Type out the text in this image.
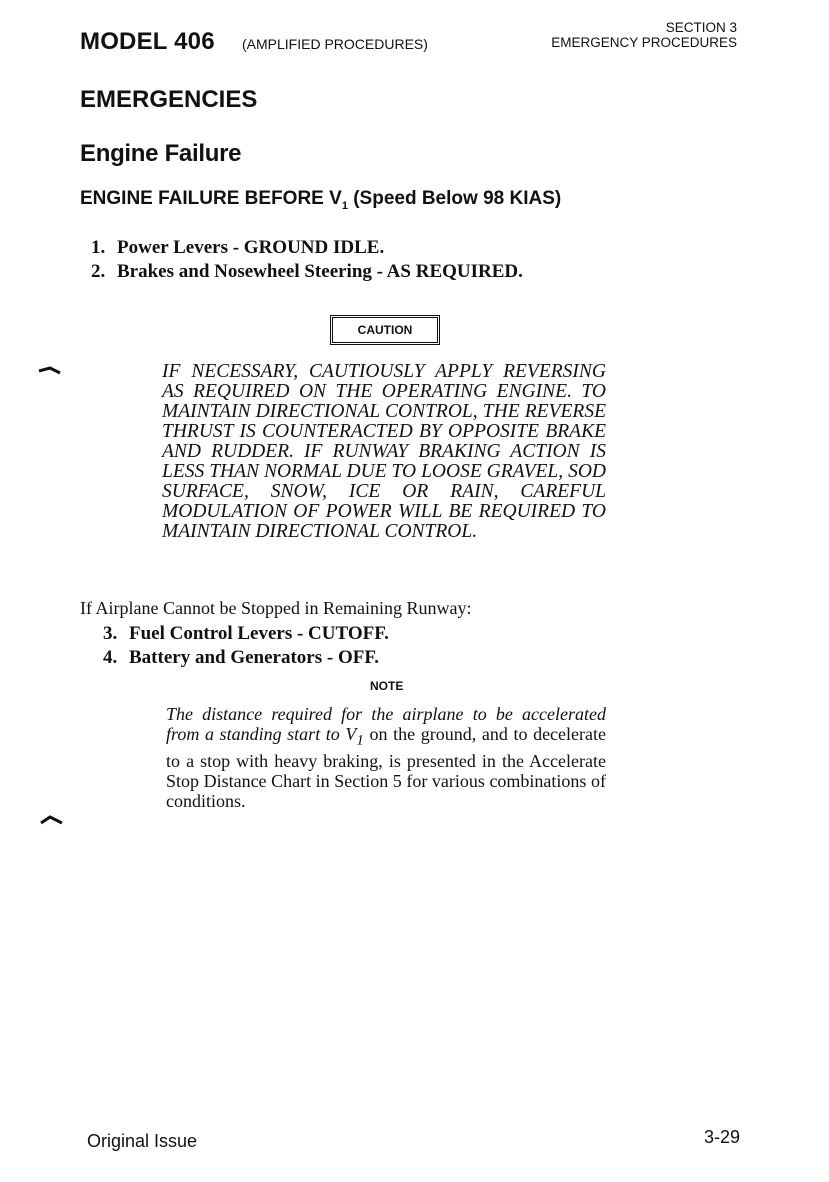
MODEL 406 (AMPLIFIED PROCEDURES)
SECTION 3
EMERGENCY PROCEDURES
EMERGENCIES
Engine Failure
ENGINE FAILURE BEFORE $V_1$ (Speed Below 98 KIAS)
1. Power Levers - GROUND IDLE.
2. Brakes and Nosewheel Steering - AS REQUIRED.
CAUTION
IF NECESSARY, CAUTIOUSLY APPLY REVERSING AS REQUIRED ON THE OPERATING ENGINE. TO MAINTAIN DIRECTIONAL CONTROL, THE REVERSE THRUST IS COUNTERACTED BY OPPOSITE BRAKE AND RUDDER. IF RUNWAY BRAKING ACTION IS LESS THAN NORMAL DUE TO LOOSE GRAVEL, SOD SURFACE, SNOW, ICE OR RAIN, CAREFUL MODULATION OF POWER WILL BE REQUIRED TO MAINTAIN DIRECTIONAL CONTROL.
If Airplane Cannot be Stopped in Remaining Runway:
3. Fuel Control Levers - CUTOFF.
4. Battery and Generators - OFF.
NOTE
The distance required for the airplane to be accelerated from a standing start to $V_1$ on the ground, and to decelerate to a stop with heavy braking, is presented in the Accelerate Stop Distance Chart in Section 5 for various combinations of conditions.
Original Issue	3-29
